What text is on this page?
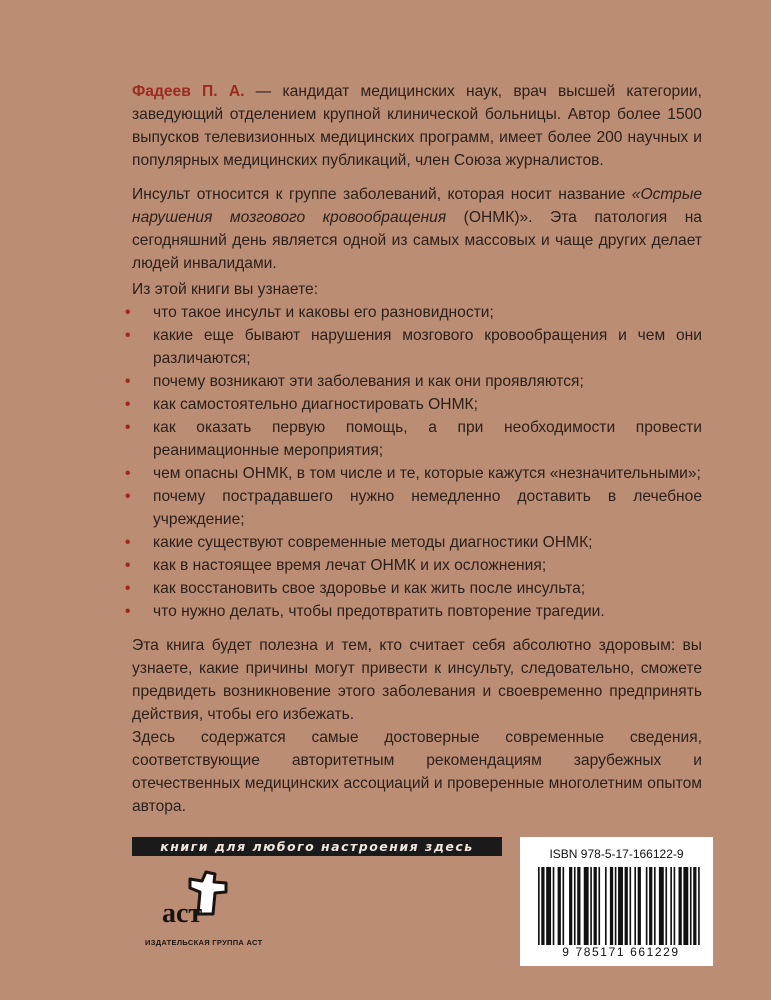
Фадеев П. А. — кандидат медицинских наук, врач высшей категории, заведующий отделением крупной клинической больницы. Автор более 1500 выпусков телевизионных медицинских программ, имеет более 200 научных и популярных медицинских публикаций, член Союза журналистов.

Инсульт относится к группе заболеваний, которая носит название «Острые нарушения мозгового кровообращения (ОНМК)». Эта патология на сегодняшний день является одной из самых массовых и чаще других делает людей инвалидами.

Из этой книги вы узнаете:

• что такое инсульт и каковы его разновидности;
• какие еще бывают нарушения мозгового кровообращения и чем они различаются;
• почему возникают эти заболевания и как они проявляются;
• как самостоятельно диагностировать ОНМК;
• как оказать первую помощь, а при необходимости провести реанимационные мероприятия;
• чем опасны ОНМК, в том числе и те, которые кажутся «незначительными»;
• почему пострадавшего нужно немедленно доставить в лечебное учреждение;
• какие существуют современные методы диагностики ОНМК;
• как в настоящее время лечат ОНМК и их осложнения;
• как восстановить свое здоровье и как жить после инсульта;
• что нужно делать, чтобы предотвратить повторение трагедии.

Эта книга будет полезна и тем, кто считает себя абсолютно здоровым: вы узнаете, какие причины могут привести к инсульту, следовательно, сможете предвидеть возникновение этого заболевания и своевременно предпринять действия, чтобы его избежать.

Здесь содержатся самые достоверные современные сведения, соответствующие авторитетным рекомендациям зарубежных и отечественных медицинских ассоциаций и проверенные многолетним опытом автора.

книги для любого настроения здесь
аст
ИЗДАТЕЛЬСКАЯ ГРУППА АСТ
ISBN 978-5-17-166122-9
9 785171 661229
